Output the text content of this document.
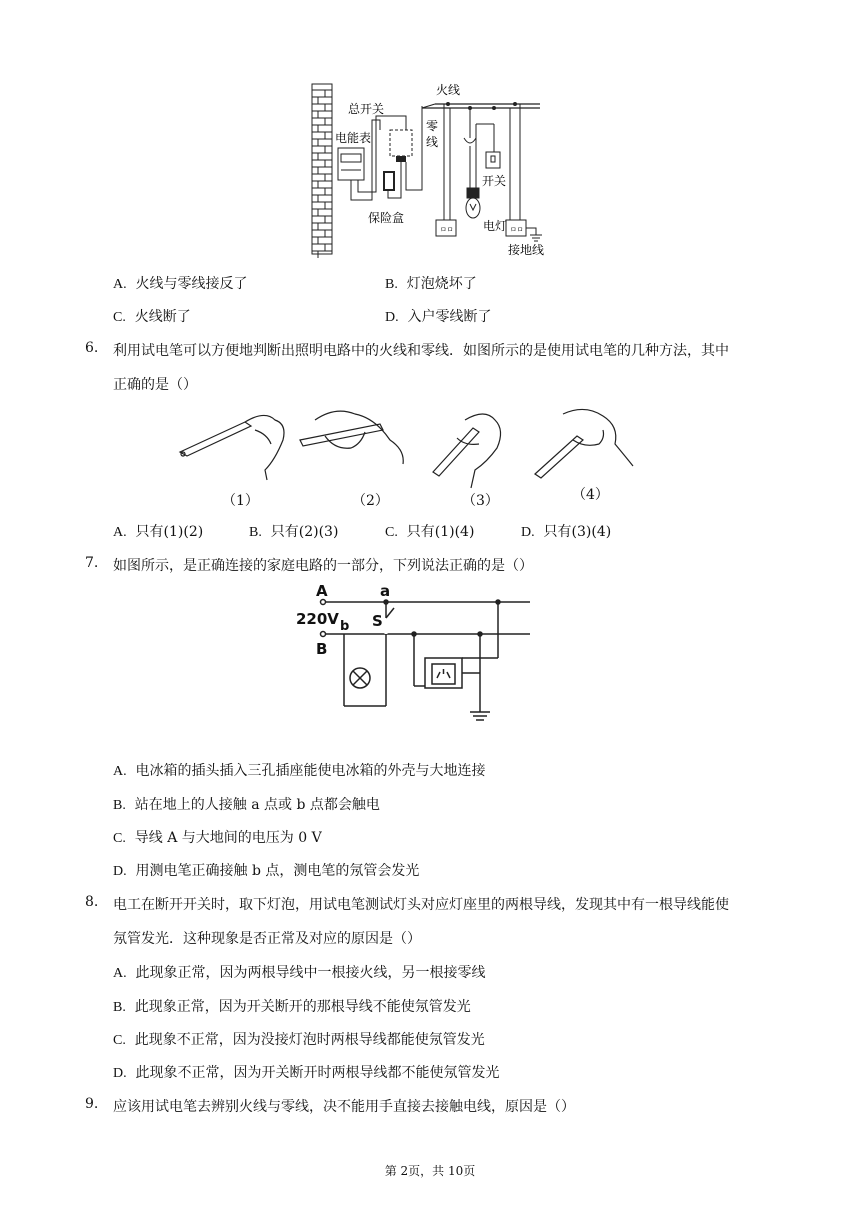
ㅁㅁ	ㅁㅁ
总开关
火线
零
线
电能表
保险盒
开关
电灯
接地线
A. 火线与零线接反了	B. 灯泡烧坏了
C. 火线断了	D. 入户零线断了
6. 利用试电笔可以方便地判断出照明电路中的火线和零线．如图所示的是使用试电笔的几种方法，其中
正确的是（）
（1）	（2）	（3）	（4）
A. 只有(1)(2)	B. 只有(2)(3)	C. 只有(1)(4)	D. 只有(3)(4)
7. 如图所示，是正确连接的家庭电路的一部分，下列说法正确的是（）
A	a
220V b S
B
A. 电冰箱的插头插入三孔插座能使电冰箱的外壳与大地连接
B. 站在地上的人接触 a 点或 b 点都会触电
C. 导线 A 与大地间的电压为 0 V
D. 用测电笔正确接触 b 点，测电笔的氖管会发光
8. 电工在断开开关时，取下灯泡，用试电笔测试灯头对应灯座里的两根导线，发现其中有一根导线能使
氖管发光．这种现象是否正常及对应的原因是（）
A. 此现象正常，因为两根导线中一根接火线，另一根接零线
B. 此现象正常，因为开关断开的那根导线不能使氖管发光
C. 此现象不正常，因为没接灯泡时两根导线都能使氖管发光
D. 此现象不正常，因为开关断开时两根导线都不能使氖管发光
9. 应该用试电笔去辨别火线与零线，决不能用手直接去接触电线，原因是（）
第 2页，共 10页
